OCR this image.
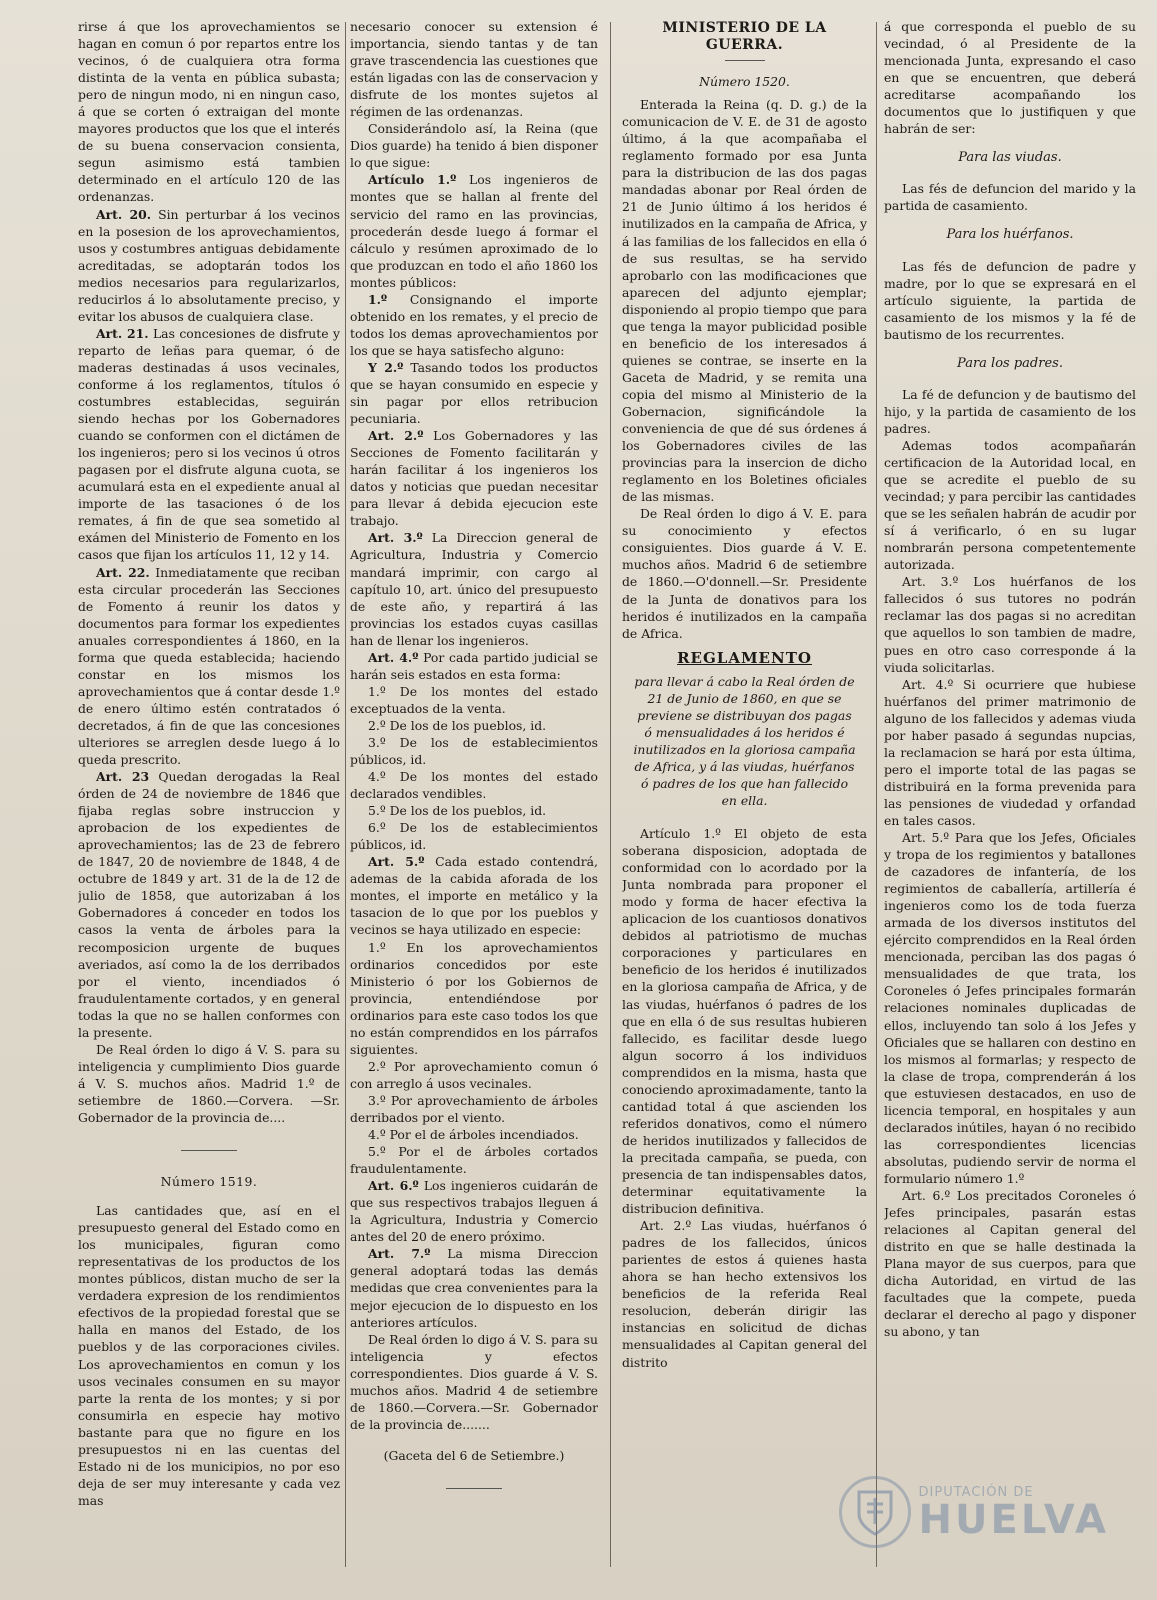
rirse á que los aprovechamientos se hagan en comun ó por repartos entre los vecinos, ó de cualquiera otra forma distinta de la venta en pública subasta; pero de ningun modo, ni en ningun caso, á que se corten ó extraigan del monte mayores productos que los que el interés de su buena conservacion consienta, segun asimismo está tambien determinado en el artículo 120 de las ordenanzas.

Art. 20. Sin perturbar á los vecinos en la posesion de los aprovechamientos, usos y costumbres antiguas debidamente acreditadas, se adoptarán todos los medios necesarios para regularizarlos, reducirlos á lo absolutamente preciso, y evitar los abusos de cualquiera clase.

Art. 21. Las concesiones de disfrute y reparto de leñas para quemar, ó de maderas destinadas á usos vecinales, conforme á los reglamentos, títulos ó costumbres establecidas, seguirán siendo hechas por los Gobernadores cuando se conformen con el dictámen de los ingenieros; pero si los vecinos ú otros pagasen por el disfrute alguna cuota, se acumulará esta en el expediente anual al importe de las tasaciones ó de los remates, á fin de que sea sometido al exámen del Ministerio de Fomento en los casos que fijan los artículos 11, 12 y 14.

Art. 22. Inmediatamente que reciban esta circular procederán las Secciones de Fomento á reunir los datos y documentos para formar los expedientes anuales correspondientes á 1860, en la forma que queda establecida; haciendo constar en los mismos los aprovechamientos que á contar desde 1.º de enero último estén contratados ó decretados, á fin de que las concesiones ulteriores se arreglen desde luego á lo queda prescrito.

Art. 23 Quedan derogadas la Real órden de 24 de noviembre de 1846 que fijaba reglas sobre instruccion y aprobacion de los expedientes de aprovechamientos; las de 23 de febrero de 1847, 20 de noviembre de 1848, 4 de octubre de 1849 y art. 31 de la de 12 de julio de 1858, que autorizaban á los Gobernadores á conceder en todos los casos la venta de árboles para la recomposicion urgente de buques averiados, así como la de los derribados por el viento, incendiados ó fraudulentamente cortados, y en general todas la que no se hallen conformes con la presente.

De Real órden lo digo á V. S. para su inteligencia y cumplimiento Dios guarde á V. S. muchos años. Madrid 1.º de setiembre de 1860.—Corvera. —Sr. Gobernador de la provincia de....

Número 1519.

Las cantidades que, así en el presupuesto general del Estado como en los municipales, figuran como representativas de los productos de los montes públicos, distan mucho de ser la verdadera expresion de los rendimientos efectivos de la propiedad forestal que se halla en manos del Estado, de los pueblos y de las corporaciones civiles. Los aprovechamientos en comun y los usos vecinales consumen en su mayor parte la renta de los montes; y si por consumirla en especie hay motivo bastante para que no figure en los presupuestos ni en las cuentas del Estado ni de los municipios, no por eso deja de ser muy interesante y cada vez mas

necesario conocer su extension é importancia, siendo tantas y de tan grave trascendencia las cuestiones que están ligadas con las de conservacion y disfrute de los montes sujetos al régimen de las ordenanzas.

Considerándolo así, la Reina (que Dios guarde) ha tenido á bien disponer lo que sigue:

Artículo 1.º Los ingenieros de montes que se hallan al frente del servicio del ramo en las provincias, procederán desde luego á formar el cálculo y resúmen aproximado de lo que produzcan en todo el año 1860 los montes públicos:

1.º Consignando el importe obtenido en los remates, y el precio de todos los demas aprovechamientos por los que se haya satisfecho alguno:

Y 2.º Tasando todos los productos que se hayan consumido en especie y sin pagar por ellos retribucion pecuniaria.

Art. 2.º Los Gobernadores y las Secciones de Fomento facilitarán y harán facilitar á los ingenieros los datos y noticias que puedan necesitar para llevar á debida ejecucion este trabajo.

Art. 3.º La Direccion general de Agricultura, Industria y Comercio mandará imprimir, con cargo al capítulo 10, art. único del presupuesto de este año, y repartirá á las provincias los estados cuyas casillas han de llenar los ingenieros.

Art. 4.º Por cada partido judicial se harán seis estados en esta forma:

1.º De los montes del estado exceptuados de la venta.

2.º De los de los pueblos, id.

3.º De los de establecimientos públicos, id.

4.º De los montes del estado declarados vendibles.

5.º De los de los pueblos, id.

6.º De los de establecimientos públicos, id.

Art. 5.º Cada estado contendrá, ademas de la cabida aforada de los montes, el importe en metálico y la tasacion de lo que por los pueblos y vecinos se haya utilizado en especie:

1.º En los aprovechamientos ordinarios concedidos por este Ministerio ó por los Gobiernos de provincia, entendiéndose por ordinarios para este caso todos los que no están comprendidos en los párrafos siguientes.

2.º Por aprovechamiento comun ó con arreglo á usos vecinales.

3.º Por aprovechamiento de árboles derribados por el viento.

4.º Por el de árboles incendiados.

5.º Por el de árboles cortados fraudulentamente.

Art. 6.º Los ingenieros cuidarán de que sus respectivos trabajos lleguen á la Agricultura, Industria y Comercio antes del 20 de enero próximo.

Art. 7.º La misma Direccion general adoptará todas las demás medidas que crea convenientes para la mejor ejecucion de lo dispuesto en los anteriores artículos.

De Real órden lo digo á V. S. para su inteligencia y efectos correspondientes. Dios guarde á V. S. muchos años. Madrid 4 de setiembre de 1860.—Corvera.—Sr. Gobernador de la provincia de.......

(Gaceta del 6 de Setiembre.)

MINISTERIO DE LA GUERRA.

Número 1520.

Enterada la Reina (q. D. g.) de la comunicacion de V. E. de 31 de agosto último, á la que acompañaba el reglamento formado por esa Junta para la distribucion de las dos pagas mandadas abonar por Real órden de 21 de Junio último á los heridos é inutilizados en la campaña de Africa, y á las familias de los fallecidos en ella ó de sus resultas, se ha servido aprobarlo con las modificaciones que aparecen del adjunto ejemplar; disponiendo al propio tiempo que para que tenga la mayor publicidad posible en beneficio de los interesados á quienes se contrae, se inserte en la Gaceta de Madrid, y se remita una copia del mismo al Ministerio de la Gobernacion, significándole la conveniencia de que dé sus órdenes á los Gobernadores civiles de las provincias para la insercion de dicho reglamento en los Boletines oficiales de las mismas.

De Real órden lo digo á V. E. para su conocimiento y efectos consiguientes. Dios guarde á V. E. muchos años. Madrid 6 de setiembre de 1860.—O'donnell.—Sr. Presidente de la Junta de donativos para los heridos é inutilizados en la campaña de Africa.

REGLAMENTO

para llevar á cabo la Real órden de 21 de Junio de 1860, en que se previene se distribuyan dos pagas ó mensualidades á los heridos é inutilizados en la gloriosa campaña de Africa, y á las viudas, huérfanos ó padres de los que han fallecido en ella.

Artículo 1.º El objeto de esta soberana disposicion, adoptada de conformidad con lo acordado por la Junta nombrada para proponer el modo y forma de hacer efectiva la aplicacion de los cuantiosos donativos debidos al patriotismo de muchas corporaciones y particulares en beneficio de los heridos é inutilizados en la gloriosa campaña de Africa, y de las viudas, huérfanos ó padres de los que en ella ó de sus resultas hubieren fallecido, es facilitar desde luego algun socorro á los individuos comprendidos en la misma, hasta que conociendo aproximadamente, tanto la cantidad total á que ascienden los referidos donativos, como el número de heridos inutilizados y fallecidos de la precitada campaña, se pueda, con presencia de tan indispensables datos, determinar equitativamente la distribucion definitiva.

Art. 2.º Las viudas, huérfanos ó padres de los fallecidos, únicos parientes de estos á quienes hasta ahora se han hecho extensivos los beneficios de la referida Real resolucion, deberán dirigir las instancias en solicitud de dichas mensualidades al Capitan general del distrito

á que corresponda el pueblo de su vecindad, ó al Presidente de la mencionada Junta, expresando el caso en que se encuentren, que deberá acreditarse acompañando los documentos que lo justifiquen y que habrán de ser:

Para las viudas.

Las fés de defuncion del marido y la partida de casamiento.

Para los huérfanos.

Las fés de defuncion de padre y madre, por lo que se expresará en el artículo siguiente, la partida de casamiento de los mismos y la fé de bautismo de los recurrentes.

Para los padres.

La fé de defuncion y de bautismo del hijo, y la partida de casamiento de los padres.

Ademas todos acompañarán certificacion de la Autoridad local, en que se acredite el pueblo de su vecindad; y para percibir las cantidades que se les señalen habrán de acudir por sí á verificarlo, ó en su lugar nombrarán persona competentemente autorizada.

Art. 3.º Los huérfanos de los fallecidos ó sus tutores no podrán reclamar las dos pagas si no acreditan que aquellos lo son tambien de madre, pues en otro caso corresponde á la viuda solicitarlas.

Art. 4.º Si ocurriere que hubiese huérfanos del primer matrimonio de alguno de los fallecidos y ademas viuda por haber pasado á segundas nupcias, la reclamacion se hará por esta última, pero el importe total de las pagas se distribuirá en la forma prevenida para las pensiones de viudedad y orfandad en tales casos.

Art. 5.º Para que los Jefes, Oficiales y tropa de los regimientos y batallones de cazadores de infantería, de los regimientos de caballería, artillería é ingenieros como los de toda fuerza armada de los diversos institutos del ejército comprendidos en la Real órden mencionada, perciban las dos pagas ó mensualidades de que trata, los Coroneles ó Jefes principales formarán relaciones nominales duplicadas de ellos, incluyendo tan solo á los Jefes y Oficiales que se hallaren con destino en los mismos al formarlas; y respecto de la clase de tropa, comprenderán á los que estuviesen destacados, en uso de licencia temporal, en hospitales y aun declarados inútiles, hayan ó no recibido las correspondientes licencias absolutas, pudiendo servir de norma el formulario número 1.º

Art. 6.º Los precitados Coroneles ó Jefes principales, pasarán estas relaciones al Capitan general del distrito en que se halle destinada la Plana mayor de sus cuerpos, para que dicha Autoridad, en virtud de las facultades que la compete, pueda declarar el derecho al pago y disponer su abono, y tan

DIPUTACIÓN DE
HUELVA
